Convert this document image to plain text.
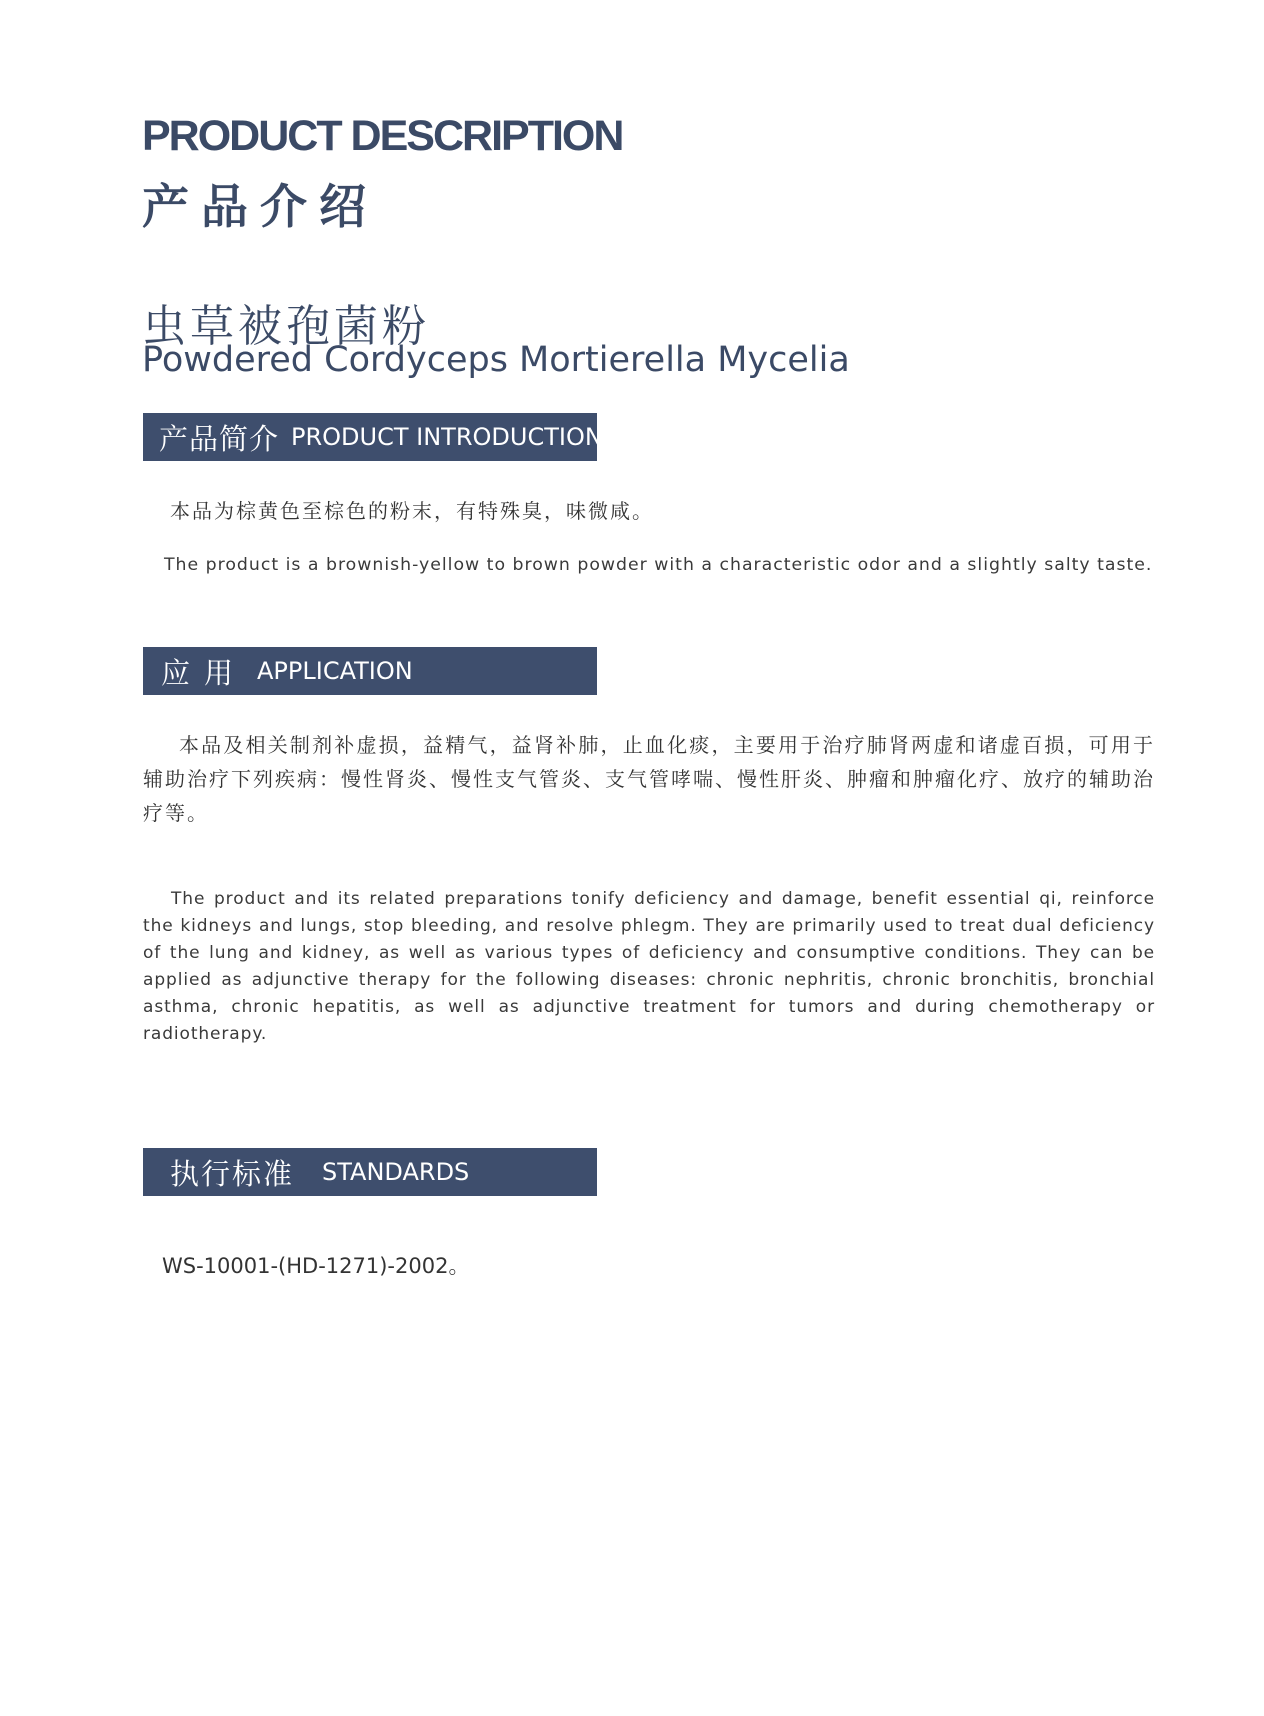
PRODUCT DESCRIPTION
产品介绍
虫草被孢菌粉
Powdered Cordyceps Mortierella Mycelia
产品简介 PRODUCT INTRODUCTION
本品为棕黄色至棕色的粉末，有特殊臭，味微咸。
The product is a brownish-yellow to brown powder with a characteristic odor and a slightly salty taste.
应用 APPLICATION
本品及相关制剂补虚损，益精气，益肾补肺，止血化痰，主要用于治疗肺肾两虚和诸虚百损，可用于辅助治疗下列疾病：慢性肾炎、慢性支气管炎、支气管哮喘、慢性肝炎、肿瘤和肿瘤化疗、放疗的辅助治疗等。
The product and its related preparations tonify deficiency and damage, benefit essential qi, reinforce the kidneys and lungs, stop bleeding, and resolve phlegm. They are primarily used to treat dual deficiency of the lung and kidney, as well as various types of deficiency and consumptive conditions. They can be applied as adjunctive therapy for the following diseases: chronic nephritis, chronic bronchitis, bronchial asthma, chronic hepatitis, as well as adjunctive treatment for tumors and during chemotherapy or radiotherapy.
执行标准 STANDARDS
WS-10001-(HD-1271)-2002。
